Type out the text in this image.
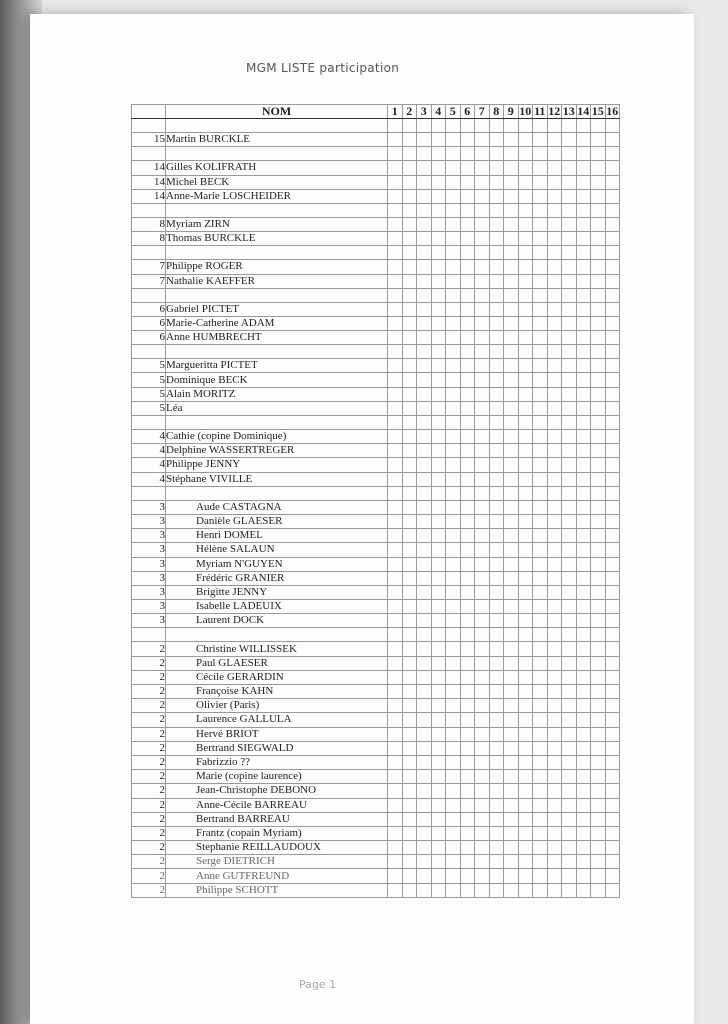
MGM LISTE participation
	NOM	1	2	3	4	5	6	7	8	9	10	11	12	13	14	15	16

15	Martin BURCKLE																

14	Gilles KOLIFRATH																
14	Michel BECK																
14	Anne-Marie LOSCHEIDER																

8	Myriam ZIRN																
8	Thomas BURCKLE																

7	Philippe ROGER																
7	Nathalie KAEFFER																

6	Gabriel PICTET																
6	Marie-Catherine ADAM																
6	Anne HUMBRECHT																

5	Margueritta PICTET																
5	Dominique BECK																
5	Alain MORITZ																
5	Léa																

4	Cathie (copine Dominique)																
4	Delphine WASSERTREGER																
4	Philippe JENNY																
4	Stéphane VIVILLE																

3	Aude CASTAGNA																
3	Danièle GLAESER																
3	Henri DOMEL																
3	Hélène SALAUN																
3	Myriam N'GUYEN																
3	Frédéric GRANIER																
3	Brigitte JENNY																
3	Isabelle LADEUIX																
3	Laurent DOCK																

2	Christine WILLISSEK																
2	Paul GLAESER																
2	Cécile GERARDIN																
2	Françoise KAHN																
2	Olivier (Paris)																
2	Laurence GALLULA																
2	Hervé BRIOT																
2	Bertrand SIEGWALD																
2	Fabrizzio ??																
2	Marie (copine laurence)																
2	Jean-Christophe DEBONO																
2	Anne-Cécile BARREAU																
2	Bertrand BARREAU																
2	Frantz (copain Myriam)																
2	Stephanie REILLAUDOUX																
2	Serge DIETRICH																
2	Anne GUTFREUND																
2	Philippe SCHOTT																
Page 1
